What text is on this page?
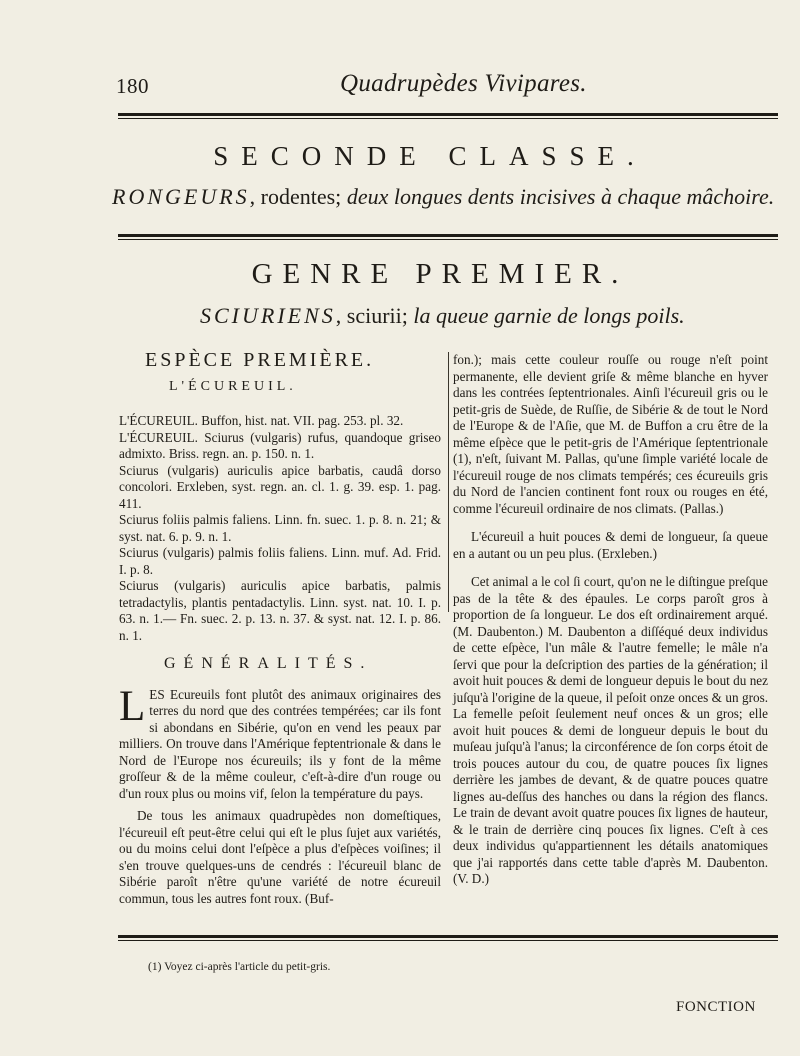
180	Quadrupèdes Vivipares.
SECONDE CLASSE.
RONGEURS, rodentes; deux longues dents incisives à chaque mâchoire.
GENRE PREMIER.
SCIURIENS, sciurii; la queue garnie de longs poils.
ESPÈCE PREMIÈRE.
L'ÉCUREUIL.

L'ÉCUREUIL. Buffon, hist. nat. VII. pag. 253. pl. 32.

L'ÉCUREUIL. Sciurus (vulgaris) rufus, quandoque griseo admixto. Briss. regn. an. p. 150. n. 1.

Sciurus (vulgaris) auriculis apice barbatis, caudâ dorso concolori. Erxleben, syst. regn. an. cl. 1. g. 39. esp. 1. pag. 411.

Sciurus foliis palmis faliens. Linn. fn. suec. 1. p. 8. n. 21; & syst. nat. 6. p. 9. n. 1.

Sciurus (vulgaris) palmis foliis faliens. Linn. muf. Ad. Frid. I. p. 8.

Sciurus (vulgaris) auriculis apice barbatis, palmis tetradactylis, plantis pentadactylis. Linn. syst. nat. 10. I. p. 63. n. 1.— Fn. suec. 2. p. 13. n. 37. & syst. nat. 12. I. p. 86. n. 1.

GÉNÉRALITÉS.
L ES Ecureuils font plutôt des animaux originaires des terres du nord que des contrées tempérées; car ils font si abondans en Sibérie, qu'on en vend les peaux par milliers. On trouve dans l'Amérique feptentrionale & dans le Nord de l'Europe nos écureuils; ils y font de la même groſſeur & de la même couleur, c'eſt-à-dire d'un rouge ou d'un roux plus ou moins vif, ſelon la température du pays.

De tous les animaux quadrupèdes non domeſtiques, l'écureuil eſt peut-être celui qui eſt le plus ſujet aux variétés, ou du moins celui dont l'eſpèce a plus d'eſpèces voiſines; il s'en trouve quelques-uns de cendrés : l'écureuil blanc de Sibérie paroît n'être qu'une variété de notre écureuil commun, tous les autres font roux. (Buf-

fon.); mais cette couleur rouſſe ou rouge n'eſt point permanente, elle devient griſe & même blanche en hyver dans les contrées ſeptentrionales. Ainſi l'écureuil gris ou le petit-gris de Suède, de Ruſſie, de Sibérie & de tout le Nord de l'Europe & de l'Aſie, que M. de Buffon a cru être de la même eſpèce que le petit-gris de l'Amérique ſeptentrionale (1), n'eſt, ſuivant M. Pallas, qu'une ſimple variété locale de l'écureuil rouge de nos climats tempérés; ces écureuils gris du Nord de l'ancien continent font roux ou rouges en été, comme l'écureuil ordinaire de nos climats. (Pallas.)

L'écureuil a huit pouces & demi de longueur, ſa queue en a autant ou un peu plus. (Erxleben.)

Cet animal a le col ſi court, qu'on ne le diſtingue preſque pas de la tête & des épaules. Le corps paroît gros à proportion de ſa longueur. Le dos eſt ordinairement arqué. (M. Daubenton.) M. Daubenton a diſſéqué deux individus de cette eſpèce, l'un mâle & l'autre femelle; le mâle n'a ſervi que pour la deſcription des parties de la génération; il avoit huit pouces & demi de longueur depuis le bout du nez juſqu'à l'origine de la queue, il peſoit onze onces & un gros. La femelle peſoit ſeulement neuf onces & un gros; elle avoit huit pouces & demi de longueur depuis le bout du muſeau juſqu'à l'anus; la circonférence de ſon corps étoit de trois pouces autour du cou, de quatre pouces ſix lignes derrière les jambes de devant, & de quatre pouces quatre lignes au-deſſus des hanches ou dans la région des flancs. Le train de devant avoit quatre pouces ſix lignes de hauteur, & le train de derrière cinq pouces ſix lignes. C'eſt à ces deux individus qu'appartiennent les détails anatomiques que j'ai rapportés dans cette table d'après M. Daubenton. (V. D.)

(1) Voyez ci-après l'article du petit-gris.
FONCTION
